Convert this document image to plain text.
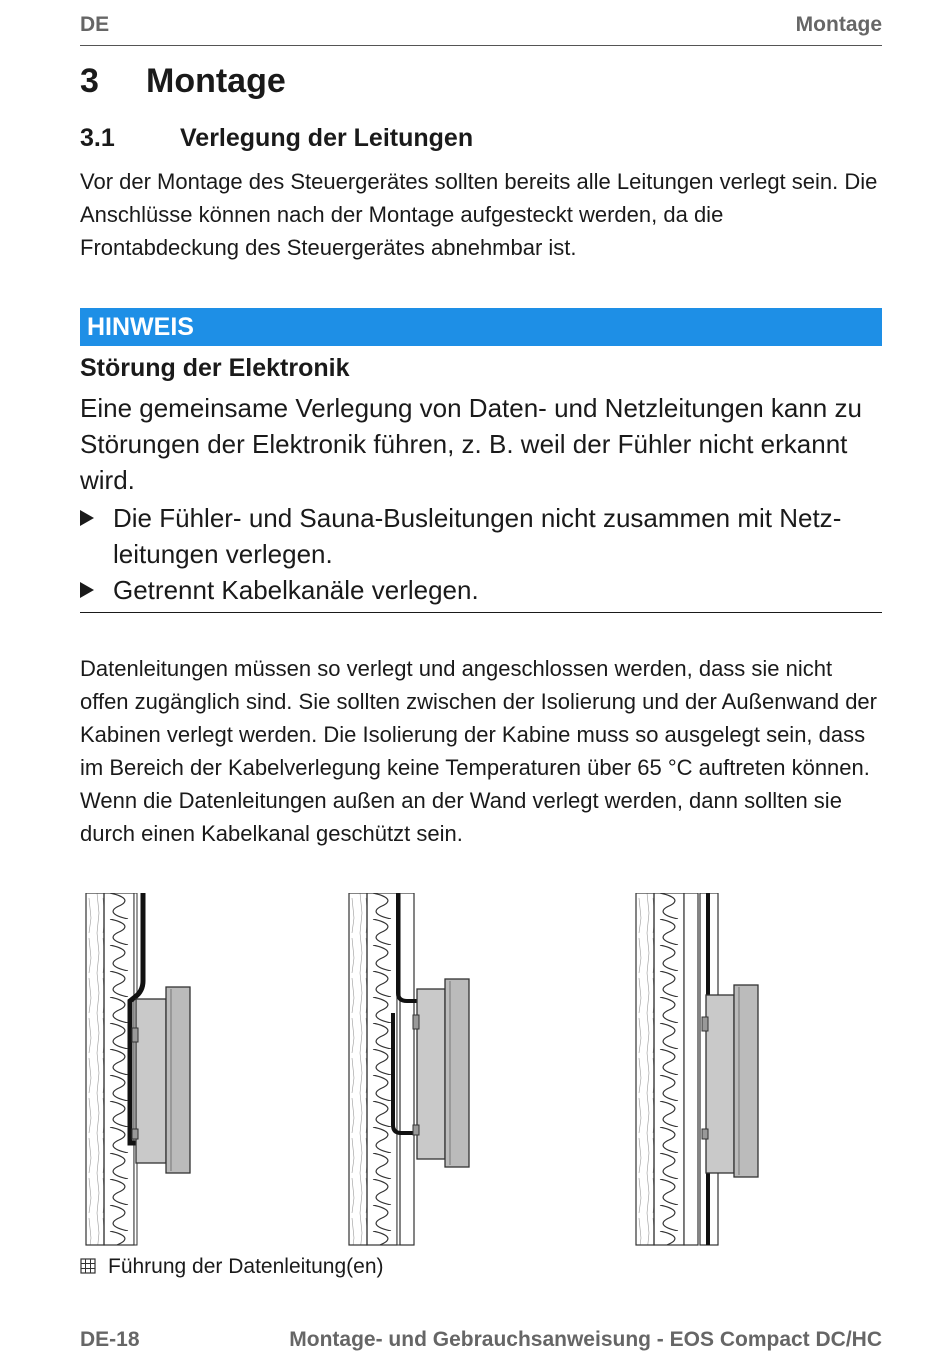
DE	Montage
3 Montage
3.1	Verlegung der Leitungen

Vor der Montage des Steuergerätes sollten bereits alle Leitungen verlegt sein. Die Anschlüsse können nach der Montage aufgesteckt werden, da die Frontabdeckung des Steuergerätes abnehmbar ist.

HINWEIS
Störung der Elektronik

Eine gemeinsame Verlegung von Daten- und Netzleitungen kann zu Störungen der Elektronik führen, z. B. weil der Fühler nicht erkannt wird.

Die Fühler- und Sauna-Busleitungen nicht zusammen mit Netzleitungen verlegen.
Getrennt Kabelkanäle verlegen.

Datenleitungen müssen so verlegt und angeschlossen werden, dass sie nicht offen zugänglich sind. Sie sollten zwischen der Isolierung und der Außenwand der Kabinen verlegt werden. Die Isolierung der Kabine muss so ausgelegt sein, dass im Bereich der Kabelverlegung keine Temperaturen über 65 °C auftreten können.
Wenn die Datenleitungen außen an der Wand verlegt werden, dann sollten sie durch einen Kabelkanal geschützt sein.

Führung der Datenleitung(en)
DE-18	Montage- und Gebrauchsanweisung - EOS Compact DC/HC
